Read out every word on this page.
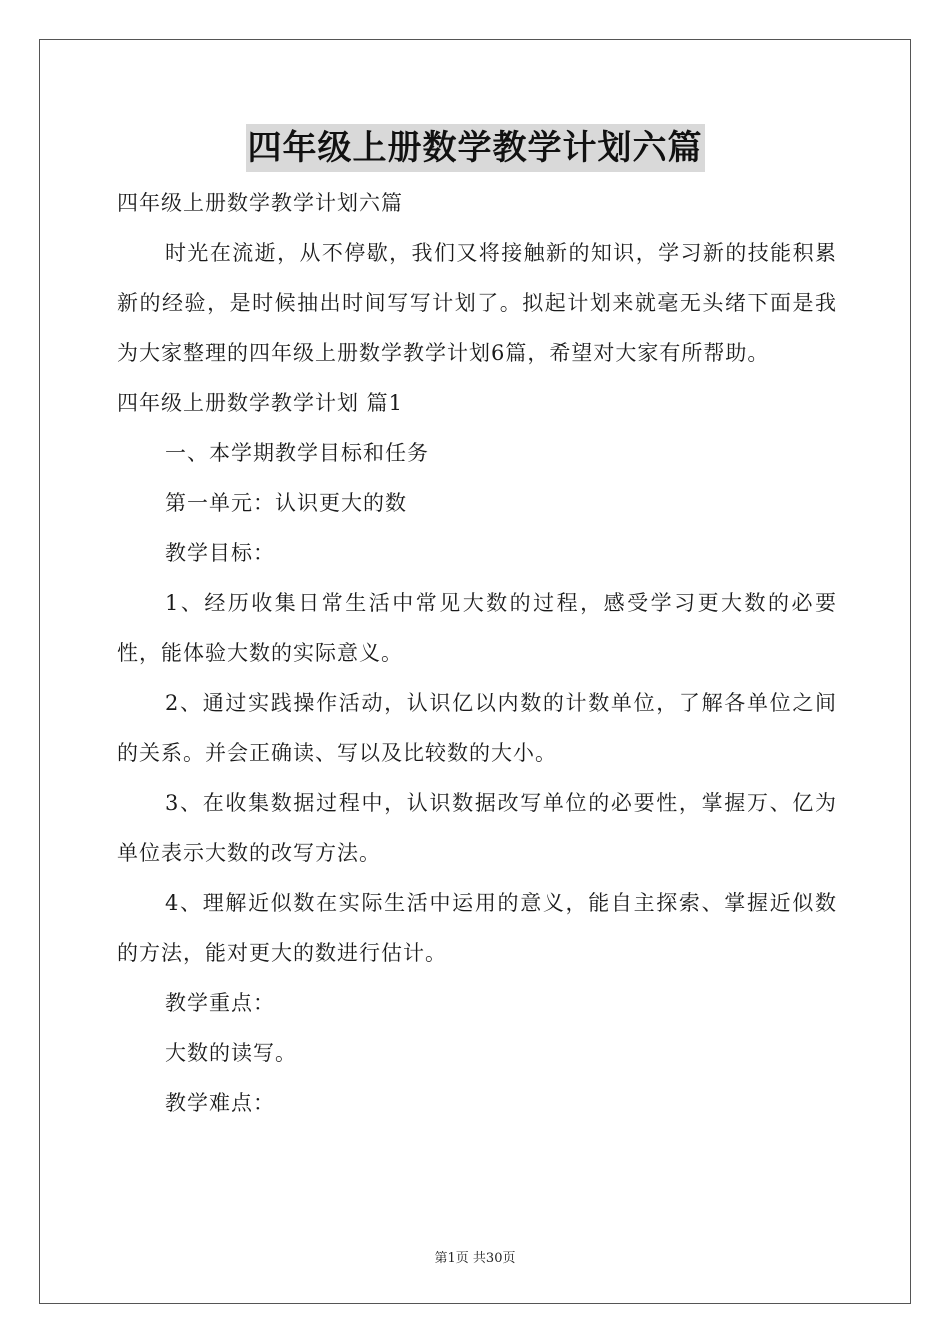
四年级上册数学教学计划六篇

四年级上册数学教学计划六篇

时光在流逝，从不停歇，我们又将接触新的知识，学习新的技能积累新的经验，是时候抽出时间写写计划了。拟起计划来就毫无头绪下面是我为大家整理的四年级上册数学教学计划6篇，希望对大家有所帮助。

四年级上册数学教学计划 篇1

一、本学期教学目标和任务

第一单元：认识更大的数

教学目标：

1、经历收集日常生活中常见大数的过程，感受学习更大数的必要性，能体验大数的实际意义。

2、通过实践操作活动，认识亿以内数的计数单位，了解各单位之间的关系。并会正确读、写以及比较数的大小。

3、在收集数据过程中，认识数据改写单位的必要性，掌握万、亿为单位表示大数的改写方法。

4、理解近似数在实际生活中运用的意义，能自主探索、掌握近似数的方法，能对更大的数进行估计。

教学重点：

大数的读写。

教学难点：

第1页 共30页
